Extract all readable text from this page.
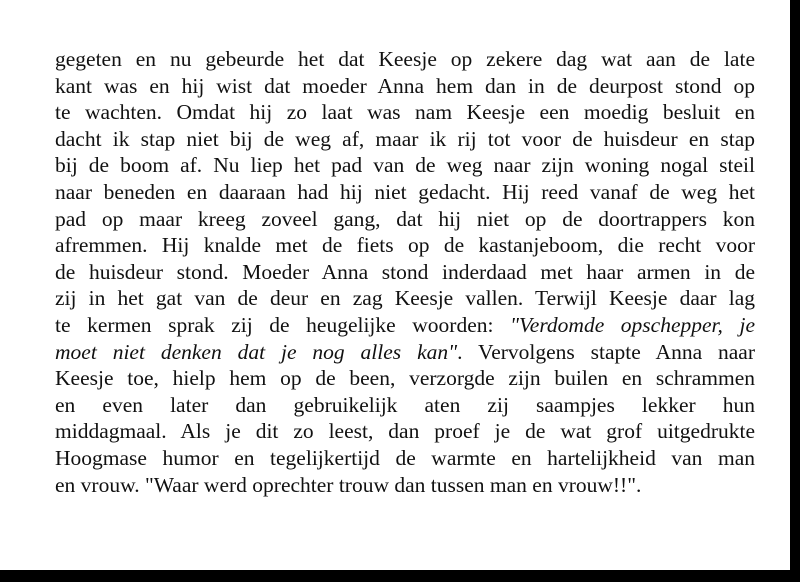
gegeten en nu gebeurde het dat Keesje op zekere dag wat aan de late
kant was en hij wist dat moeder Anna hem dan in de deurpost stond op
te wachten. Omdat hij zo laat was nam Keesje een moedig besluit en
dacht ik stap niet bij de weg af, maar ik rij tot voor de huisdeur en stap
bij de boom af. Nu liep het pad van de weg naar zijn woning nogal steil
naar beneden en daaraan had hij niet gedacht. Hij reed vanaf de weg het
pad op maar kreeg zoveel gang, dat hij niet op de doortrappers kon
afremmen. Hij knalde met de fiets op de kastanjeboom, die recht voor
de huisdeur stond. Moeder Anna stond inderdaad met haar armen in de
zij in het gat van de deur en zag Keesje vallen. Terwijl Keesje daar lag
te kermen sprak zij de heugelijke woorden: "Verdomde opschepper, je
moet niet denken dat je nog alles kan". Vervolgens stapte Anna naar
Keesje toe, hielp hem op de been, verzorgde zijn builen en schrammen
en even later dan gebruikelijk aten zij saampjes lekker hun
middagmaal. Als je dit zo leest, dan proef je de wat grof uitgedrukte
Hoogmase humor en tegelijkertijd de warmte en hartelijkheid van man
en vrouw. "Waar werd oprechter trouw dan tussen man en vrouw!!".
